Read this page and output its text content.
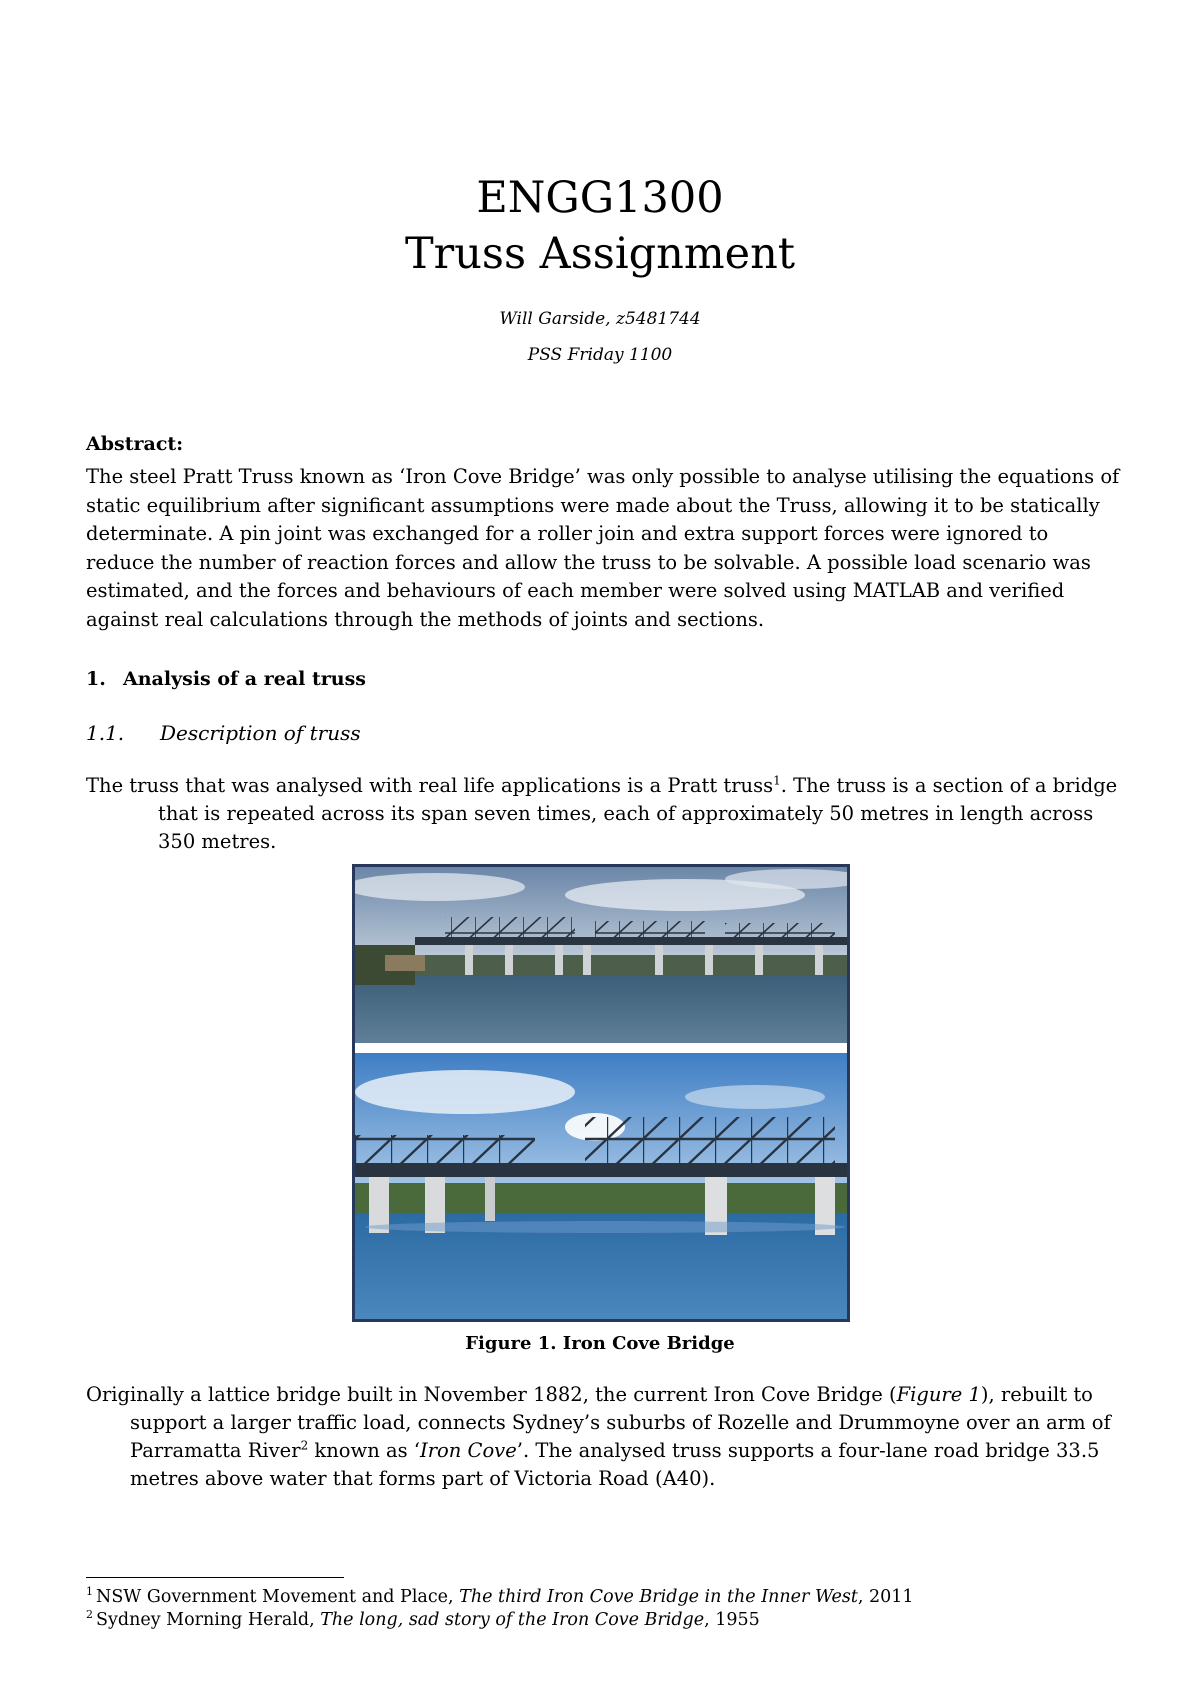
ENGG1300
Truss Assignment
Will Garside, z5481744
PSS Friday 1100
Abstract:
The steel Pratt Truss known as ‘Iron Cove Bridge’ was only possible to analyse utilising the equations of static equilibrium after significant assumptions were made about the Truss, allowing it to be statically determinate. A pin joint was exchanged for a roller join and extra support forces were ignored to reduce the number of reaction forces and allow the truss to be solvable. A possible load scenario was estimated, and the forces and behaviours of each member were solved using MATLAB and verified against real calculations through the methods of joints and sections.
1. Analysis of a real truss
1.1. Description of truss
The truss that was analysed with real life applications is a Pratt truss$^1$. The truss is a section of a bridge that is repeated across its span seven times, each of approximately 50 metres in length across 350 metres.
Figure 1. Iron Cove Bridge
Originally a lattice bridge built in November 1882, the current Iron Cove Bridge (Figure 1), rebuilt to support a larger traffic load, connects Sydney’s suburbs of Rozelle and Drummoyne over an arm of Parramatta River$^2$ known as ‘Iron Cove’. The analysed truss supports a four-lane road bridge 33.5 metres above water that forms part of Victoria Road (A40).
$^1$ NSW Government Movement and Place, The third Iron Cove Bridge in the Inner West, 2011
$^2$ Sydney Morning Herald, The long, sad story of the Iron Cove Bridge, 1955
